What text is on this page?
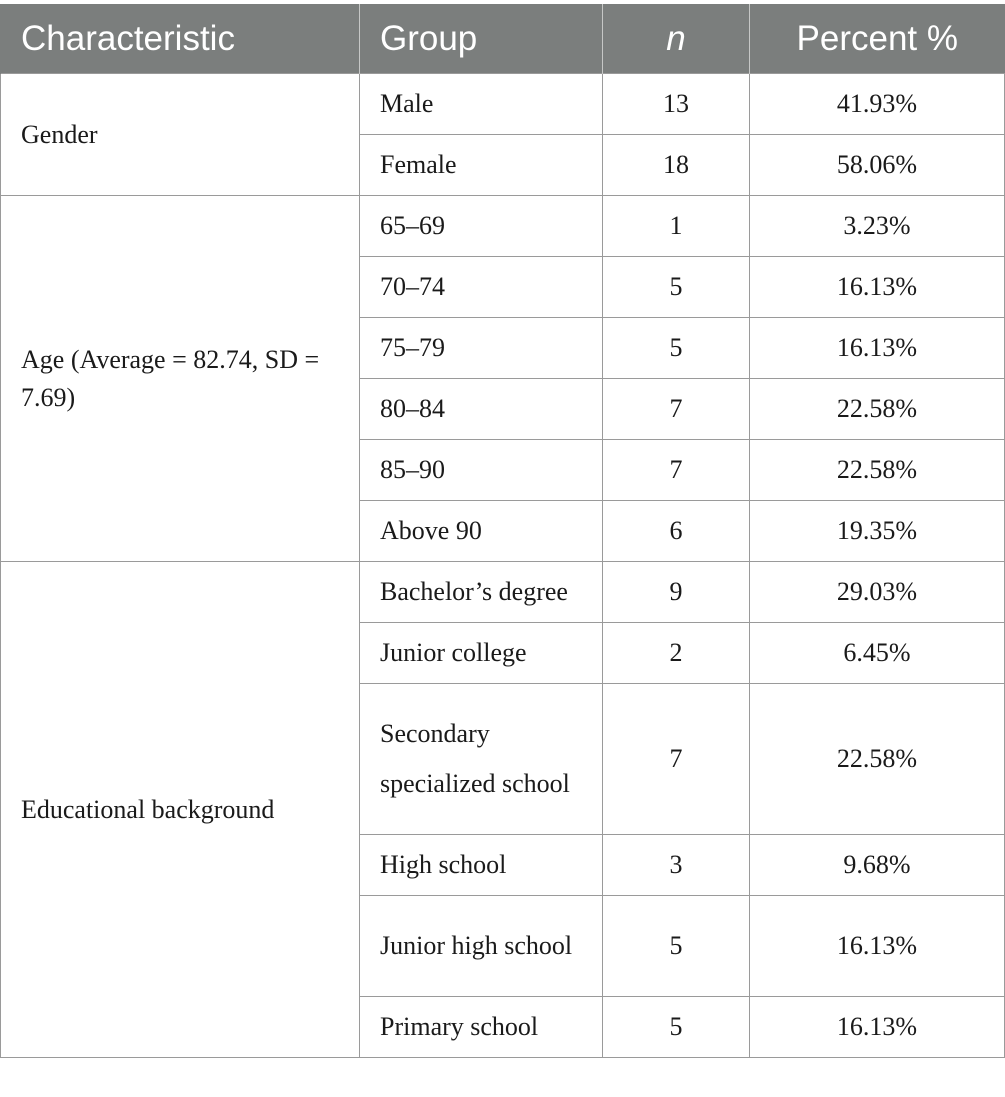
Characteristic	Group	n	Percent %
Gender	Male	13	41.93%
	Female	18	58.06%
Age (Average = 82.74, SD = 7.69)	65–69	1	3.23%
	70–74	5	16.13%
	75–79	5	16.13%
	80–84	7	22.58%
	85–90	7	22.58%
	Above 90	6	19.35%
Educational background	Bachelor’s degree	9	29.03%
	Junior college	2	6.45%
	Secondary specialized school	7	22.58%
	High school	3	9.68%
	Junior high school	5	16.13%
	Primary school	5	16.13%
